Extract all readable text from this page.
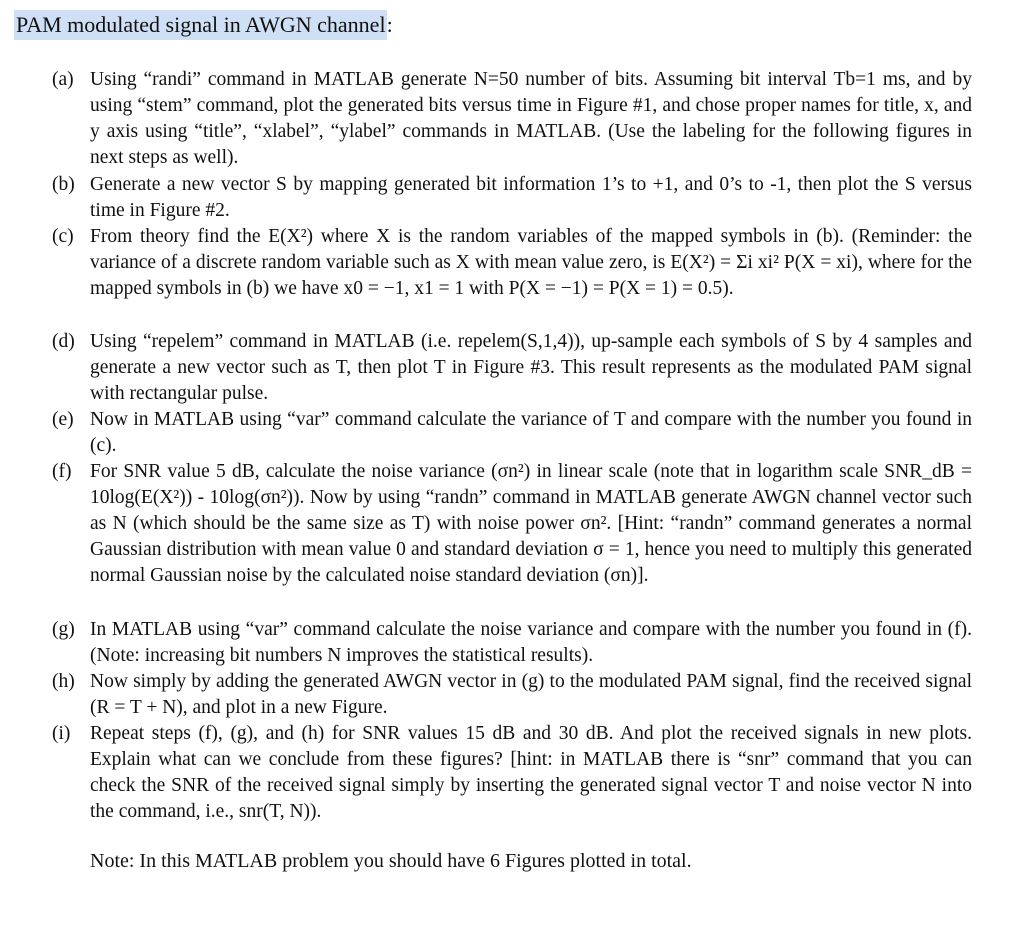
PAM modulated signal in AWGN channel:
(a) Using “randi” command in MATLAB generate N=50 number of bits. Assuming bit interval Tb=1 ms, and by using “stem” command, plot the generated bits versus time in Figure #1, and chose proper names for title, x, and y axis using “title”, “xlabel”, “ylabel” commands in MATLAB. (Use the labeling for the following figures in next steps as well).
(b) Generate a new vector S by mapping generated bit information 1’s to +1, and 0’s to -1, then plot the S versus time in Figure #2.
(c) From theory find the E(X²) where X is the random variables of the mapped symbols in (b). (Reminder: the variance of a discrete random variable such as X with mean value zero, is E(X²) = Σi xi² P(X = xi), where for the mapped symbols in (b) we have x0 = −1, x1 = 1 with P(X = −1) = P(X = 1) = 0.5).
(d) Using “repelem” command in MATLAB (i.e. repelem(S,1,4)), up-sample each symbols of S by 4 samples and generate a new vector such as T, then plot T in Figure #3. This result represents as the modulated PAM signal with rectangular pulse.
(e) Now in MATLAB using “var” command calculate the variance of T and compare with the number you found in (c).
(f) For SNR value 5 dB, calculate the noise variance (σn²) in linear scale (note that in logarithm scale SNR_dB = 10log(E(X²)) - 10log(σn²)). Now by using “randn” command in MATLAB generate AWGN channel vector such as N (which should be the same size as T) with noise power σn². [Hint: “randn” command generates a normal Gaussian distribution with mean value 0 and standard deviation σ = 1, hence you need to multiply this generated normal Gaussian noise by the calculated noise standard deviation (σn)].
(g) In MATLAB using “var” command calculate the noise variance and compare with the number you found in (f). (Note: increasing bit numbers N improves the statistical results).
(h) Now simply by adding the generated AWGN vector in (g) to the modulated PAM signal, find the received signal (R = T + N), and plot in a new Figure.
(i)	Repeat steps (f), (g), and (h) for SNR values 15 dB and 30 dB. And plot the received signals in new plots. Explain what can we conclude from these figures? [hint: in MATLAB there is “snr” command that you can check the SNR of the received signal simply by inserting the generated signal vector T and noise vector N into the command, i.e., snr(T, N)).
Note: In this MATLAB problem you should have 6 Figures plotted in total.
